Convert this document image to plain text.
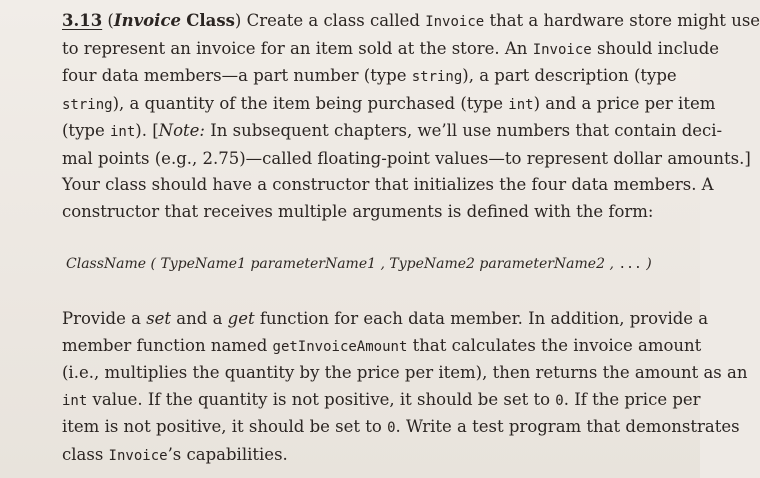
3.13 (Invoice Class) Create a class called Invoice that a hardware store might use
to represent an invoice for an item sold at the store. An Invoice should include
four data members—a part number (type string), a part description (type
string), a quantity of the item being purchased (type int) and a price per item
(type int). [Note: In subsequent chapters, we’ll use numbers that contain deci-
mal points (e.g., 2.75)—called floating-point values—to represent dollar amounts.]
Your class should have a constructor that initializes the four data members. A
constructor that receives multiple arguments is defined with the form:
ClassName ( TypeName1 parameterName1 , TypeName2 parameterName2 , ... )
Provide a set and a get function for each data member. In addition, provide a
member function named getInvoiceAmount that calculates the invoice amount
(i.e., multiplies the quantity by the price per item), then returns the amount as an
int value. If the quantity is not positive, it should be set to 0. If the price per
item is not positive, it should be set to 0. Write a test program that demonstrates
class Invoice’s capabilities.
